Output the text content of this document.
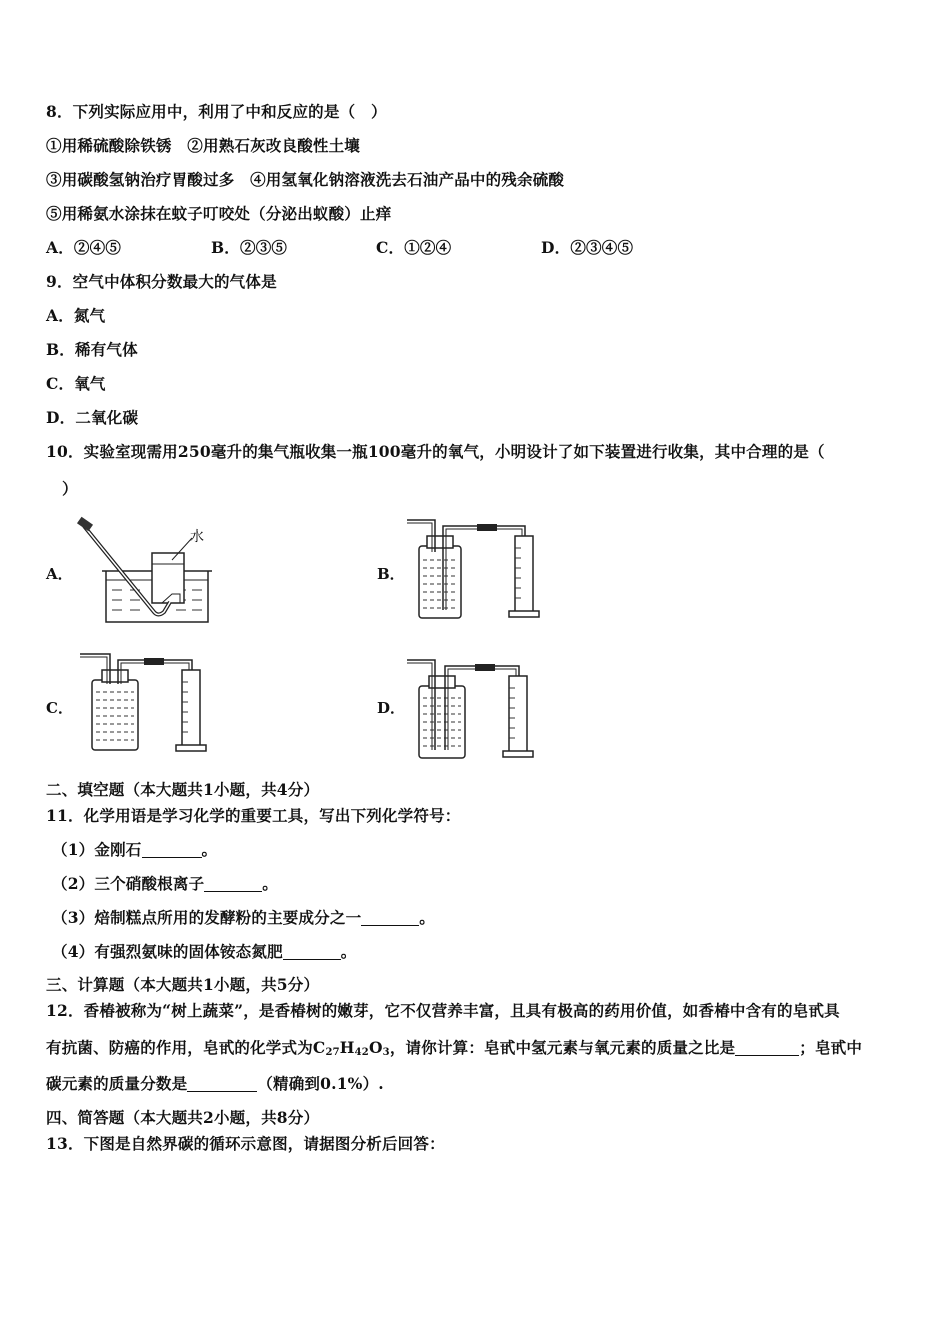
8．下列实际应用中，利用了中和反应的是（　）
①用稀硫酸除铁锈　②用熟石灰改良酸性土壤
③用碳酸氢钠治疗胃酸过多　④用氢氧化钠溶液洗去石油产品中的残余硫酸
⑤用稀氨水涂抹在蚊子叮咬处（分泌出蚁酸）止痒
A．②④⑤	B．②③⑤	C．①②④	D．②③④⑤
9．空气中体积分数最大的气体是
A．氮气
B．稀有气体
C．氧气
D．二氧化碳
10．实验室现需用250毫升的集气瓶收集一瓶100毫升的氧气，小明设计了如下装置进行收集，其中合理的是（
）
A．	B．
C．	D．
水
二、填空题（本大题共1小题，共4分）
11．化学用语是学习化学的重要工具，写出下列化学符号：
（1）金刚石	。
（2）三个硝酸根离子	。
（3）焙制糕点所用的发酵粉的主要成分之一	。
（4）有强烈氨味的固体铵态氮肥	。
三、计算题（本大题共1小题，共5分）
12．香椿被称为“树上蔬菜”，是香椿树的嫩芽，它不仅营养丰富，且具有极高的药用价值，如香椿中含有的皂甙具
有抗菌、防癌的作用，皂甙的化学式为$C_{27}H_{42}O_3$，请你计算：皂甙中氢元素与氧元素的质量之比是	；皂甙中
碳元素的质量分数是	（精确到0.1%）.
四、简答题（本大题共2小题，共8分）
13．下图是自然界碳的循环示意图，请据图分析后回答：
